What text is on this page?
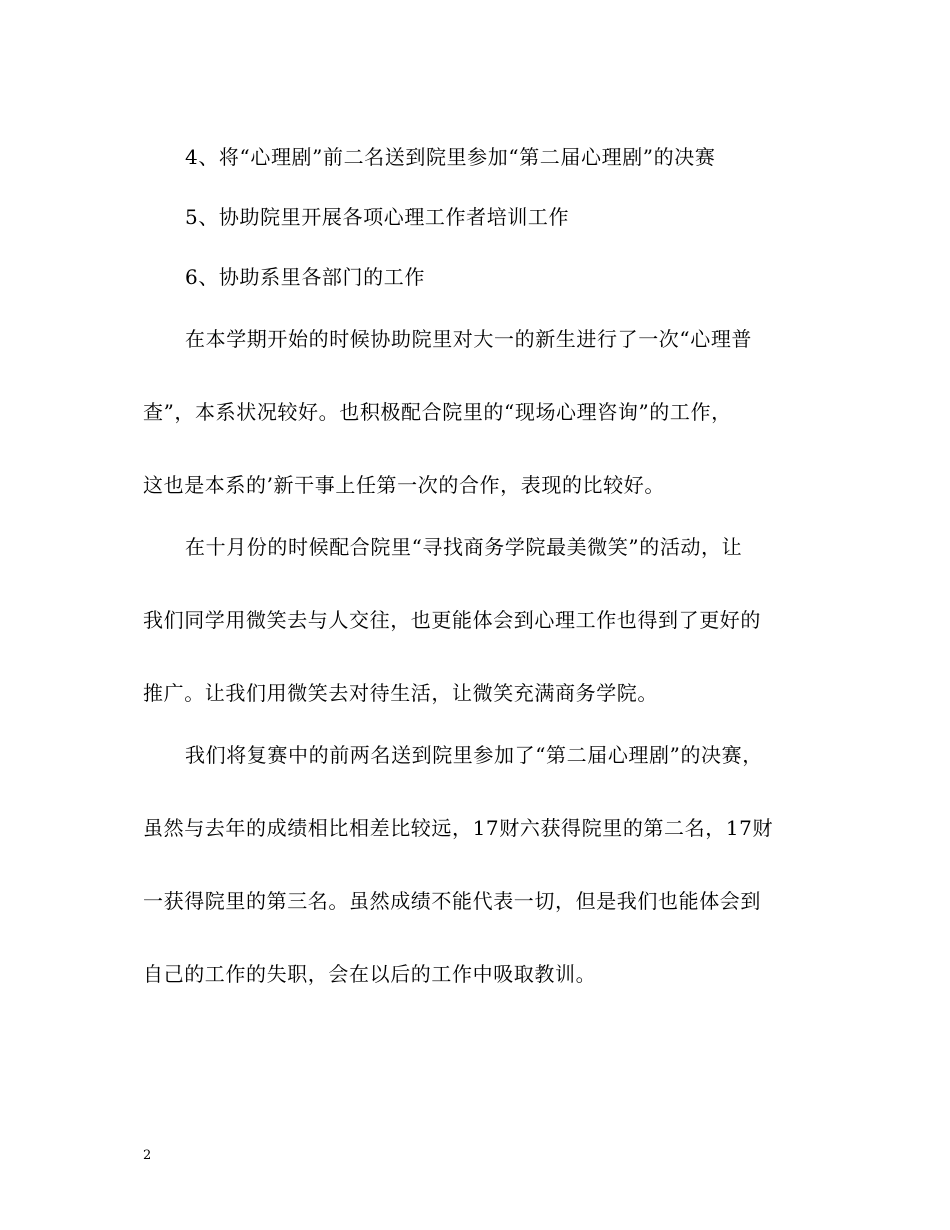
4、将“心理剧”前二名送到院里参加“第二届心理剧”的决赛
5、协助院里开展各项心理工作者培训工作
6、协助系里各部门的工作
在本学期开始的时候协助院里对大一的新生进行了一次“心理普
查”，本系状况较好。也积极配合院里的“现场心理咨询”的工作，
这也是本系的’新干事上任第一次的合作，表现的比较好。
在十月份的时候配合院里“寻找商务学院最美微笑”的活动，让
我们同学用微笑去与人交往，也更能体会到心理工作也得到了更好的
推广。让我们用微笑去对待生活，让微笑充满商务学院。
我们将复赛中的前两名送到院里参加了“第二届心理剧”的决赛，
虽然与去年的成绩相比相差比较远，17财六获得院里的第二名，17财
一获得院里的第三名。虽然成绩不能代表一切，但是我们也能体会到
自己的工作的失职，会在以后的工作中吸取教训。
2
